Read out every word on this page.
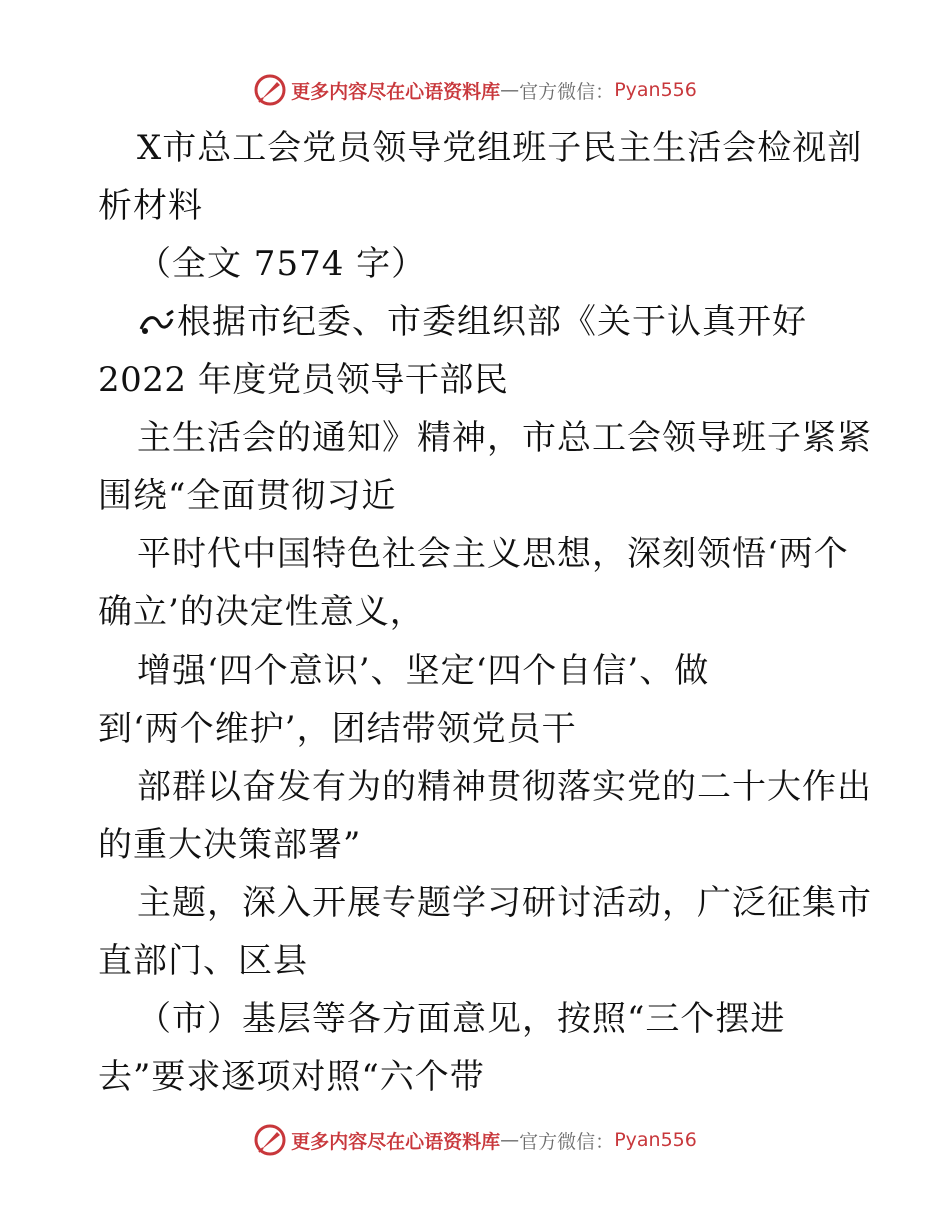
更多内容尽在心语资料库 — 官方微信： Pyan556
X市总工会党员领导党组班子民主生活会检视剖
析材料
（全文 7574 字）
根据市纪委、市委组织部《关于认真开好
2022 年度党员领导干部民
主生活会的通知》精神，市总工会领导班子紧紧
围绕“全面贯彻习近
平时代中国特色社会主义思想，深刻领悟‘两个
确立’的决定性意义，
增强‘四个意识’、坚定‘四个自信’、做
到‘两个维护’，团结带领党员干
部群以奋发有为的精神贯彻落实党的二十大作出
的重大决策部署”
主题，深入开展专题学习研讨活动，广泛征集市
直部门、区县
（市）基层等各方面意见，按照“三个摆进
去”要求逐项对照“六个带
更多内容尽在心语资料库 — 官方微信： Pyan556
